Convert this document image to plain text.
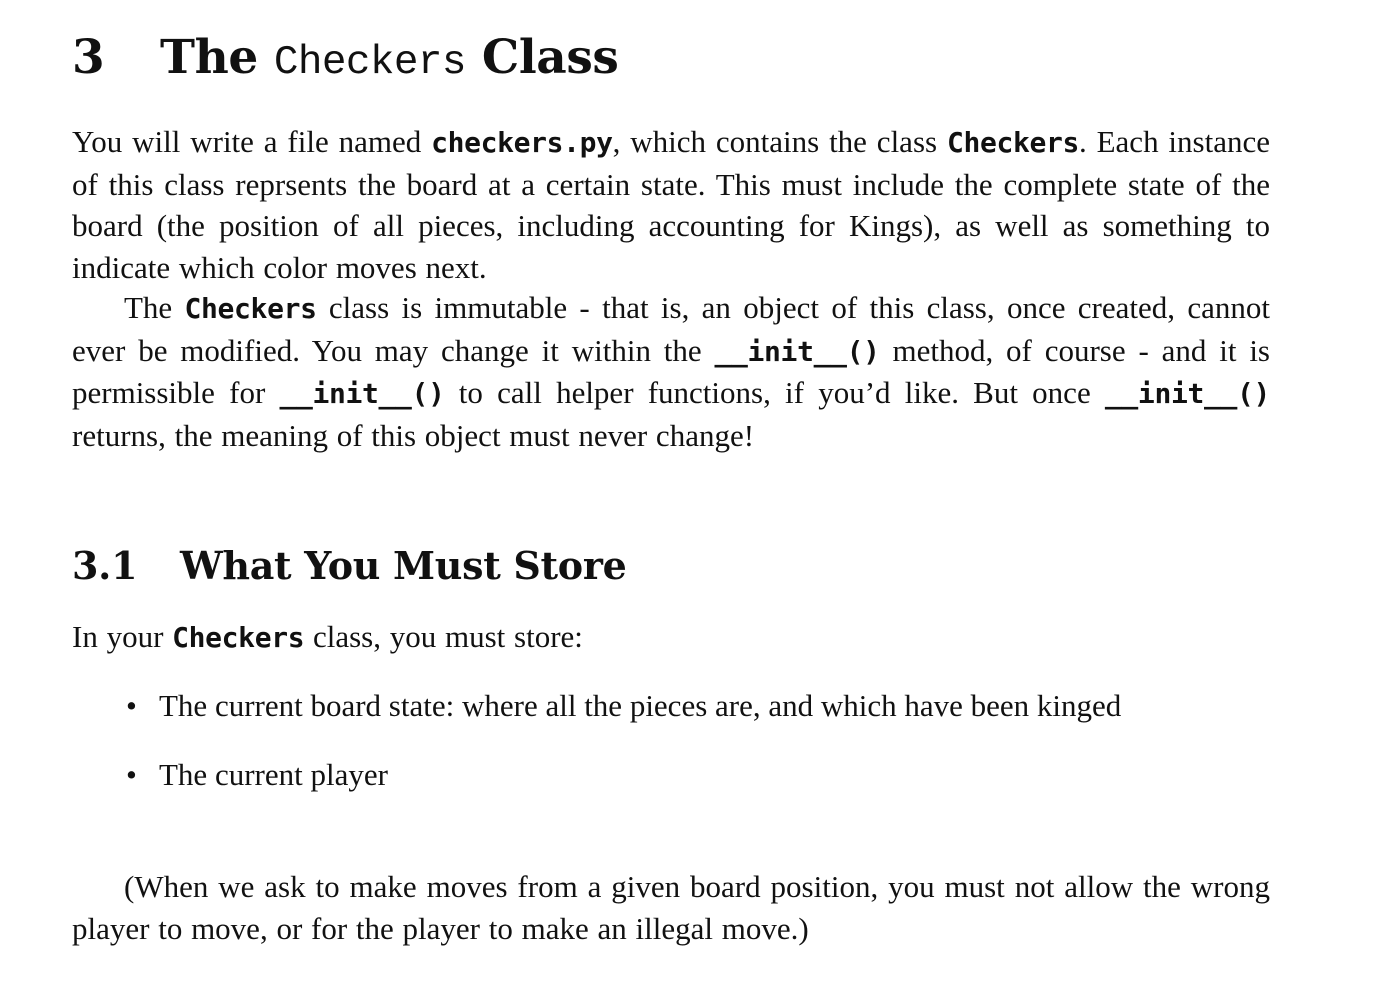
3 The Checkers Class

You will write a file named checkers.py, which contains the class Checkers. Each instance of this class reprsents the board at a certain state. This must include the complete state of the board (the position of all pieces, including accounting for Kings), as well as something to indicate which color moves next.

The Checkers class is immutable - that is, an object of this class, once created, cannot ever be modified. You may change it within the __init__() method, of course - and it is permissible for __init__() to call helper functions, if you’d like. But once __init__() returns, the meaning of this object must never change!

3.1 What You Must Store

In your Checkers class, you must store:

• The current board state: where all the pieces are, and which have been kinged
• The current player

(When we ask to make moves from a given board position, you must not allow the wrong player to move, or for the player to make an illegal move.)
